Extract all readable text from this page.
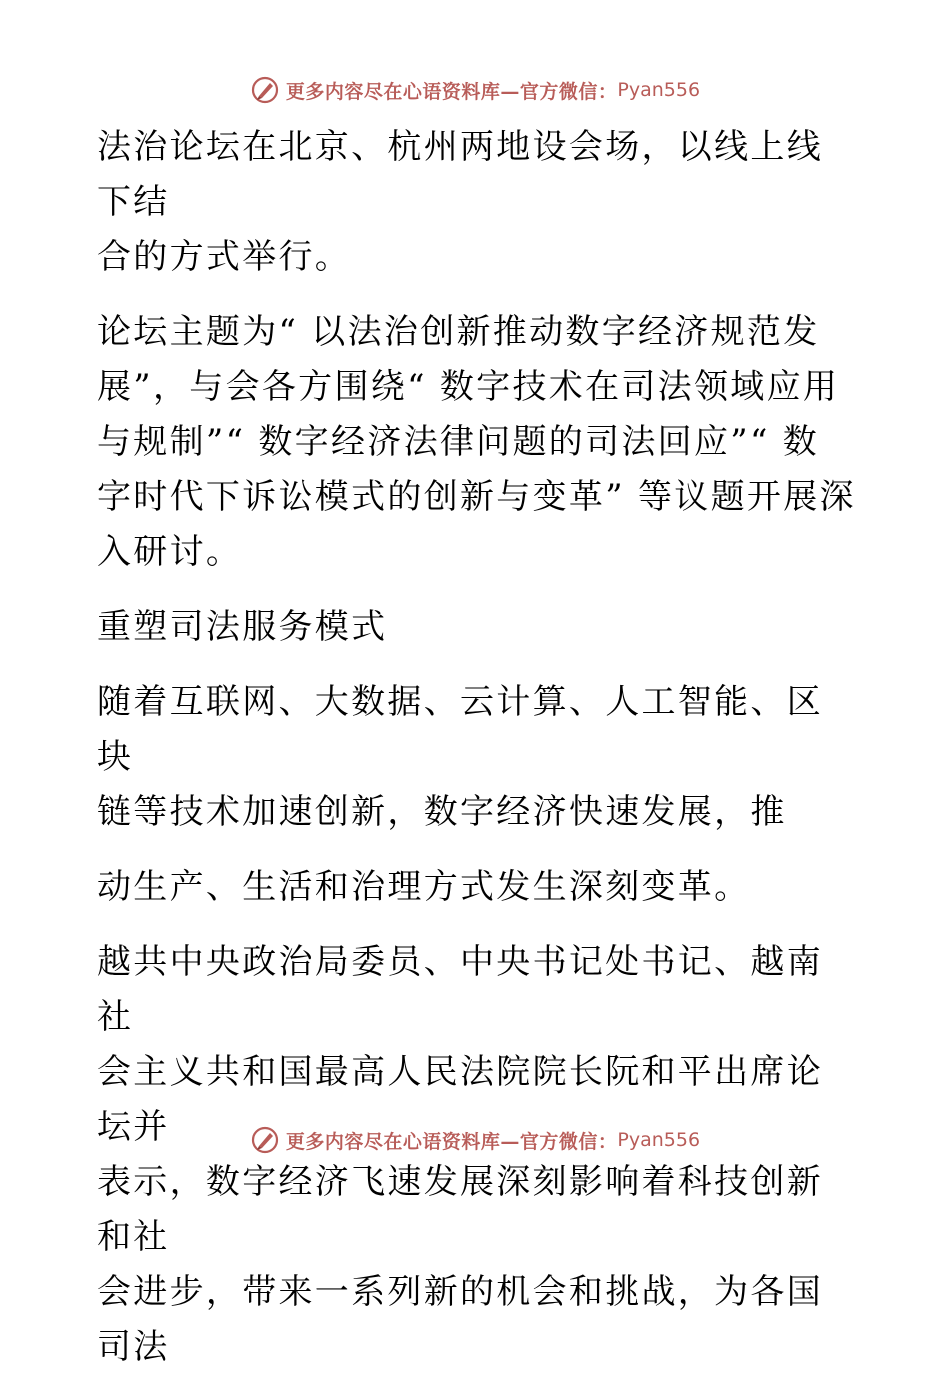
更多内容尽在心语资料库—官方微信： Pyan556

法治论坛在北京、杭州两地设会场，以线上线下结
合的方式举行。

论坛主题为“ 以法治创新推动数字经济规范发
展”，与会各方围绕“ 数字技术在司法领域应用
与规制”“ 数字经济法律问题的司法回应”“ 数
字时代下诉讼模式的创新与变革” 等议题开展深
入研讨。

重塑司法服务模式

随着互联网、大数据、云计算、人工智能、区块
链等技术加速创新，数字经济快速发展，推

动生产、生活和治理方式发生深刻变革。

越共中央政治局委员、中央书记处书记、越南社
会主义共和国最高人民法院院长阮和平出席论坛并
表示，数字经济飞速发展深刻影响着科技创新和社
会进步，带来一系列新的机会和挑战，为各国司法

更多内容尽在心语资料库—官方微信： Pyan556
